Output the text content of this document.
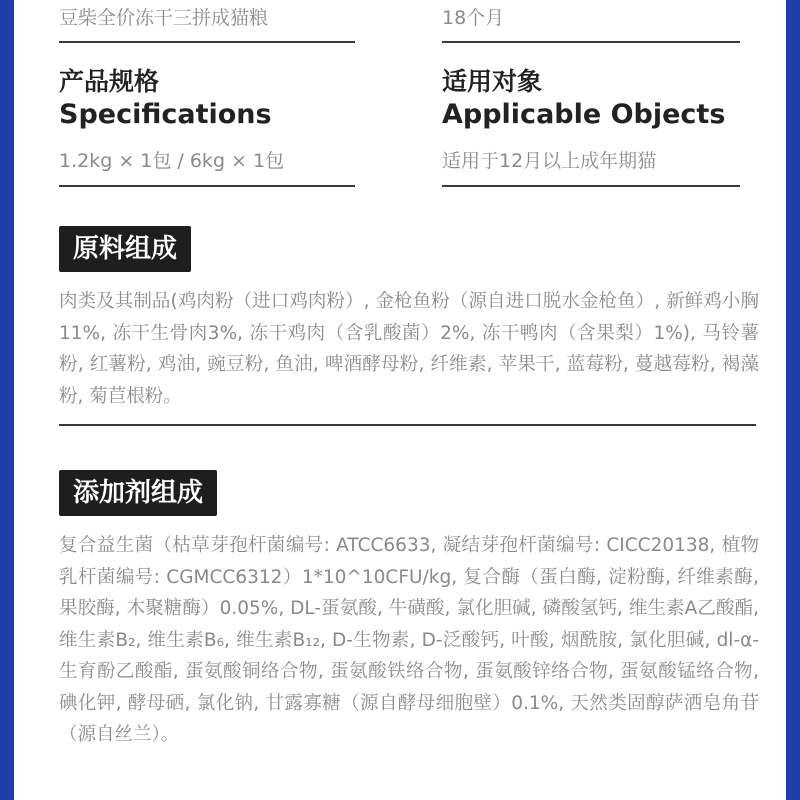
豆柴全价冻干三拼成猫粮	18个月

产品规格

Specifications

1.2kg × 1包 / 6kg × 1包

适用对象

Applicable Objects

适用于12月以上成年期猫

原料组成

肉类及其制品(鸡肉粉（进口鸡肉粉）, 金枪鱼粉（源自进口脱水金枪鱼）, 新鲜鸡小胸11%, 冻干生骨肉3%, 冻干鸡肉（含乳酸菌）2%, 冻干鸭肉（含果梨）1%), 马铃薯粉, 红薯粉, 鸡油, 豌豆粉, 鱼油, 啤酒酵母粉, 纤维素, 苹果干, 蓝莓粉, 蔓越莓粉, 褐藻粉, 菊苣根粉。

添加剂组成

复合益生菌（枯草芽孢杆菌编号: ATCC6633, 凝结芽孢杆菌编号: CICC20138, 植物乳杆菌编号: CGMCC6312）1*10^10CFU/kg, 复合酶（蛋白酶, 淀粉酶, 纤维素酶, 果胶酶, 木聚糖酶）0.05%, DL-蛋氨酸, 牛磺酸, 氯化胆碱, 磷酸氢钙, 维生素A乙酸酯, 维生素B₂, 维生素B₆, 维生素B₁₂, D-生物素, D-泛酸钙, 叶酸, 烟酰胺, 氯化胆碱, dl-α-生育酚乙酸酯, 蛋氨酸铜络合物, 蛋氨酸铁络合物, 蛋氨酸锌络合物, 蛋氨酸锰络合物, 碘化钾, 酵母硒, 氯化钠, 甘露寡糖（源自酵母细胞壁）0.1%, 天然类固醇萨洒皂角苷（源自丝兰）。
